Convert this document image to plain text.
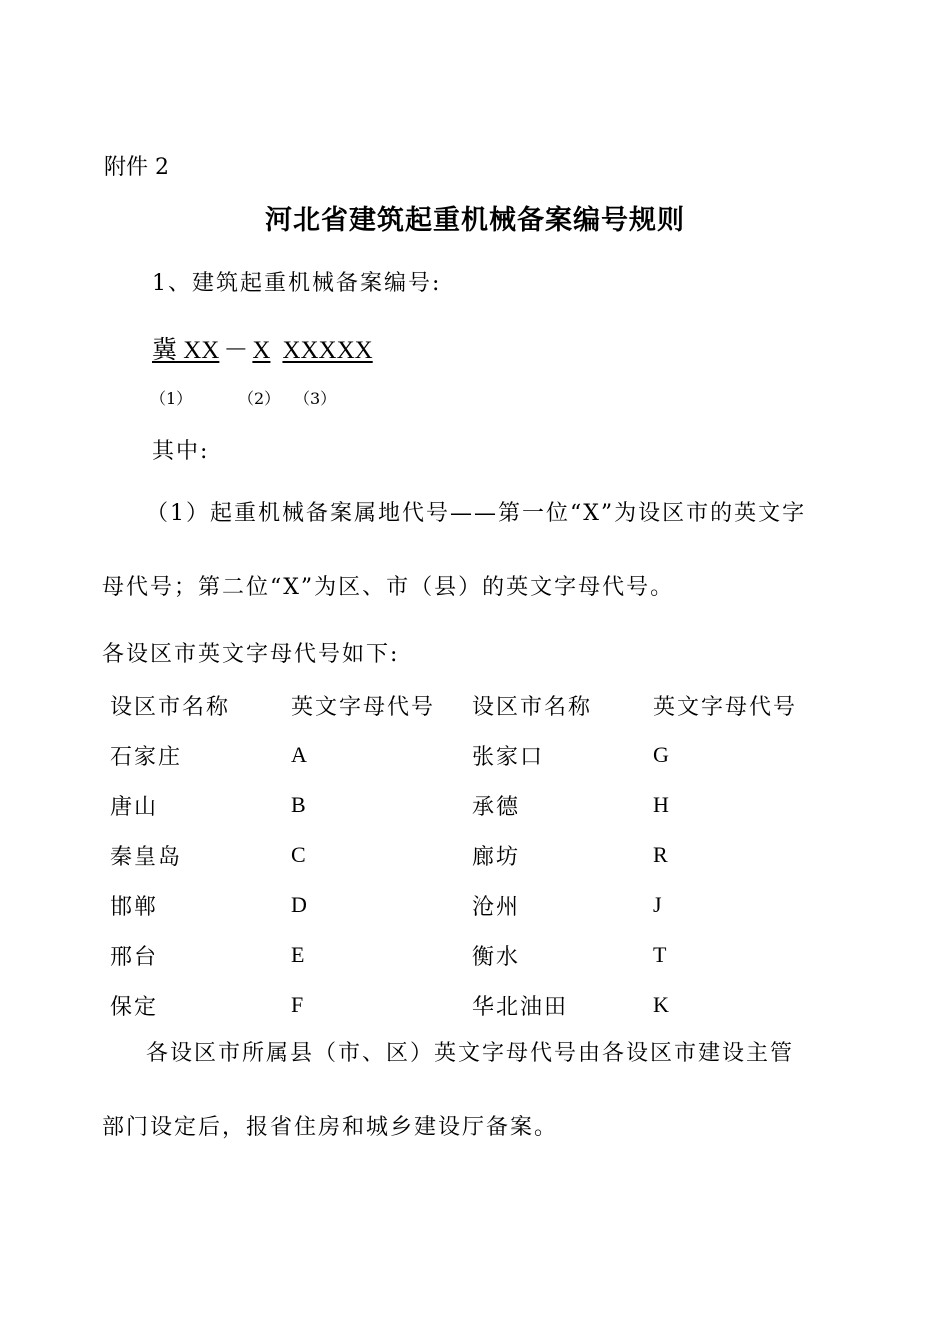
附件 2
河北省建筑起重机械备案编号规则
1、建筑起重机械备案编号:
冀 XX － X XXXXX
（1）	（2） （3）
其中:
（1）起重机械备案属地代号——第一位“X”为设区市的英文字
母代号；第二位“X”为区、市（县）的英文字母代号。
各设区市英文字母代号如下:
设区市名称	英文字母代号	设区市名称	英文字母代号
石家庄	A	张家口	G
唐山	B	承德	H
秦皇岛	C	廊坊	R
邯郸	D	沧州	J
邢台	E	衡水	T
保定	F	华北油田	K
各设区市所属县（市、区）英文字母代号由各设区市建设主管
部门设定后，报省住房和城乡建设厅备案。
